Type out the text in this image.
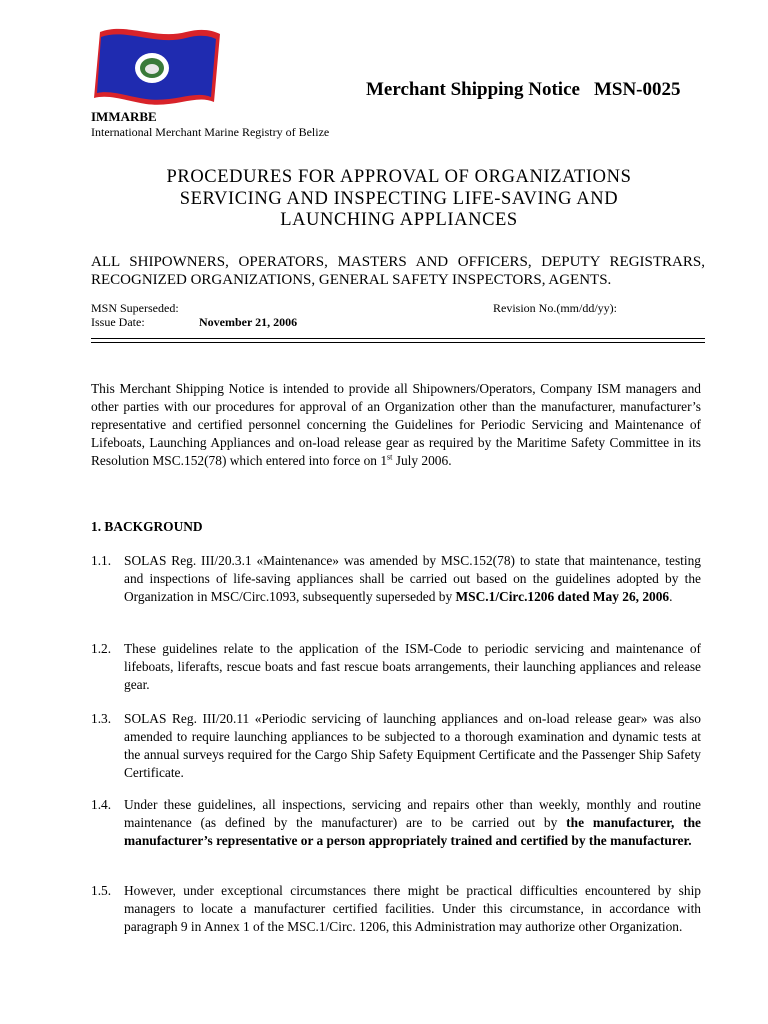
Merchant Shipping Notice MSN-0025
IMMARBE
International Merchant Marine Registry of Belize
PROCEDURES FOR APPROVAL OF ORGANIZATIONS
SERVICING AND INSPECTING LIFE-SAVING AND
LAUNCHING APPLIANCES
ALL SHIPOWNERS, OPERATORS, MASTERS AND OFFICERS, DEPUTY REGISTRARS, RECOGNIZED ORGANIZATIONS, GENERAL SAFETY INSPECTORS, AGENTS.
MSN Superseded:	Revision No.(mm/dd/yy):
Issue Date:	November 21, 2006
This Merchant Shipping Notice is intended to provide all Shipowners/Operators, Company ISM managers and other parties with our procedures for approval of an Organization other than the manufacturer, manufacturer’s representative and certified personnel concerning the Guidelines for Periodic Servicing and Maintenance of Lifeboats, Launching Appliances and on-load release gear as required by the Maritime Safety Committee in its Resolution MSC.152(78) which entered into force on 1st July 2006.
1. BACKGROUND
1.1. SOLAS Reg. III/20.3.1 «Maintenance» was amended by MSC.152(78) to state that maintenance, testing and inspections of life-saving appliances shall be carried out based on the guidelines adopted by the Organization in MSC/Circ.1093, subsequently superseded by MSC.1/Circ.1206 dated May 26, 2006.
1.2. These guidelines relate to the application of the ISM-Code to periodic servicing and maintenance of lifeboats, liferafts, rescue boats and fast rescue boats arrangements, their launching appliances and release gear.
1.3. SOLAS Reg. III/20.11 «Periodic servicing of launching appliances and on-load release gear» was also amended to require launching appliances to be subjected to a thorough examination and dynamic tests at the annual surveys required for the Cargo Ship Safety Equipment Certificate and the Passenger Ship Safety Certificate.
1.4. Under these guidelines, all inspections, servicing and repairs other than weekly, monthly and routine maintenance (as defined by the manufacturer) are to be carried out by the manufacturer, the manufacturer’s representative or a person appropriately trained and certified by the manufacturer.
1.5. However, under exceptional circumstances there might be practical difficulties encountered by ship managers to locate a manufacturer certified facilities. Under this circumstance, in accordance with paragraph 9 in Annex 1 of the MSC.1/Circ. 1206, this Administration may authorize other Organization.
